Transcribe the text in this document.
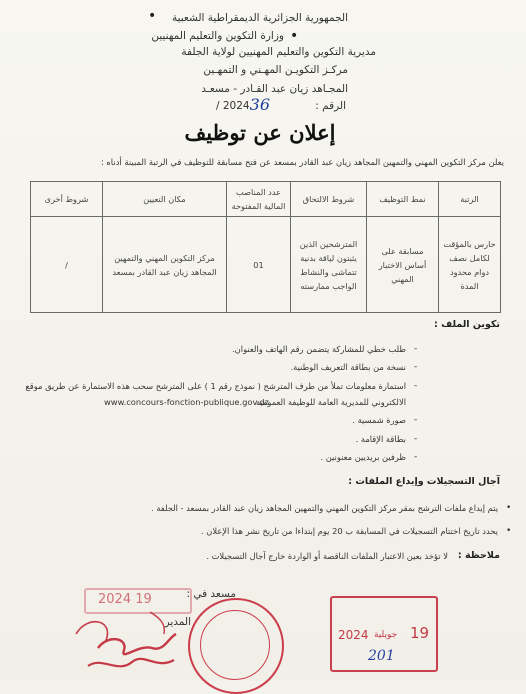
الجمهورية الجزائرية الديمقراطية الشعبية
•
وزارة التكوين والتعليم المهنيين •
مديرية التكوين والتعليم المهنيين لولاية الجلفة
مركـز التكويـن المهـني و التمهـين
المجـاهد زيان عبد القـادر - مسعـد
الرقم :
36
/ 2024
إعلان عن توظيف
يعلن مركز التكوين المهني والتمهين المجاهد زيان عبد القادر بمسعد عن فتح مسابقة للتوظيف في الرتبة المبينة أدناه :
الرتبة	نمط التوظيف	شروط الالتحاق	عدد المناصب المالية المفتوحة	مكان التعيين	شروط أخرى
حارس بالمؤقت لكامل نصف دوام محدود المدة	مسابقة على أساس الاختبار المهني	المترشحين الذين يثبتون لياقة بدنية تتماشى والنشاط الواجب ممارسته	01	مركز التكوين المهني والتمهين المجاهد زيان عبد القادر بمسعد	/
تكوين الملف :
-
طلب خطي للمشاركة يتضمن رقم الهاتف والعنوان.
-
نسخة من بطاقة التعريف الوطنية.
-
استمارة معلومات تملأ من طرف المترشح ( نموذج رقم 1 ) على المترشح سحب هذه الاستمارة عن طريق موقع
الالكتروني للمديرية العامة للوظيفة العمومية
www.concours-fonction-publique.gov.dz
-
صورة شمسية .
-
بطاقة الإقامة .
-
ظرفين بريديين معنونين .
آجال التسجيلات وإيداع الملفات :
•
يتم إيداع ملفات الترشح بمقر مركز التكوين المهني والتمهين المجاهد زيان عبد القادر بمسعد - الجلفة .
•
يحدد تاريخ اختتام التسجيلات في المسابقة ب 20 يوم إبتداءا من تاريخ نشر هذا الإعلان .
ملاحظة :
لا تؤخذ بعين الاعتبار الملفات الناقصة أو الواردة خارج آجال التسجيلات .
مسعد في :
المدير
2024 19
2024 جويلية 19
201
